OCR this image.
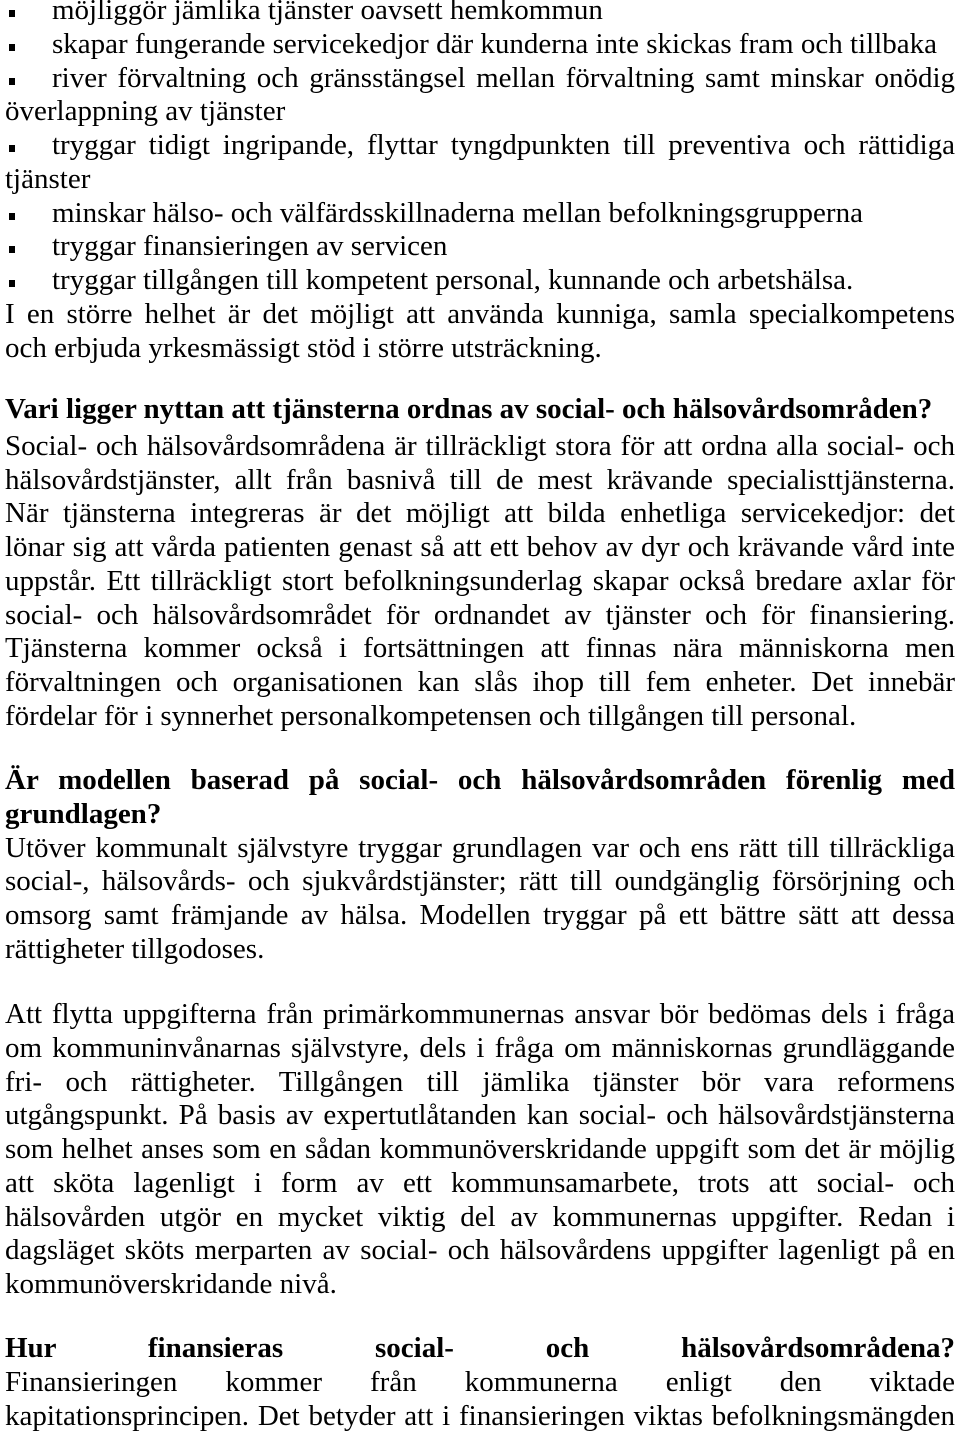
möjliggör jämlika tjänster oavsett hemkommun
skapar fungerande servicekedjor där kunderna inte skickas fram och tillbaka
river förvaltning och gränsstängsel mellan förvaltning samt minskar onödig
överlappning av tjänster
tryggar tidigt ingripande, flyttar tyngdpunkten till preventiva och rättidiga
tjänster
minskar hälso- och välfärdsskillnaderna mellan befolkningsgrupperna
tryggar finansieringen av servicen
tryggar tillgången till kompetent personal, kunnande och arbetshälsa.
I en större helhet är det möjligt att använda kunniga, samla specialkompetens
och erbjuda yrkesmässigt stöd i större utsträckning.
Vari ligger nyttan att tjänsterna ordnas av social- och hälsovårdsområden?
Social- och hälsovårdsområdena är tillräckligt stora för att ordna alla social- och
hälsovårdstjänster, allt från basnivå till de mest krävande specialisttjänsterna.
När tjänsterna integreras är det möjligt att bilda enhetliga servicekedjor: det
lönar sig att vårda patienten genast så att ett behov av dyr och krävande vård inte
uppstår. Ett tillräckligt stort befolkningsunderlag skapar också bredare axlar för
social- och hälsovårdsområdet för ordnandet av tjänster och för finansiering.
Tjänsterna kommer också i fortsättningen att finnas nära människorna men
förvaltningen och organisationen kan slås ihop till fem enheter. Det innebär
fördelar för i synnerhet personalkompetensen och tillgången till personal.
Är modellen baserad på social- och hälsovårdsområden förenlig med
grundlagen?
Utöver kommunalt självstyre tryggar grundlagen var och ens rätt till tillräckliga
social-, hälsovårds- och sjukvårdstjänster; rätt till oundgänglig försörjning och
omsorg samt främjande av hälsa. Modellen tryggar på ett bättre sätt att dessa
rättigheter tillgodoses.
Att flytta uppgifterna från primärkommunernas ansvar bör bedömas dels i fråga
om kommuninvånarnas självstyre, dels i fråga om människornas grundläggande
fri- och rättigheter. Tillgången till jämlika tjänster bör vara reformens
utgångspunkt. På basis av expertutlåtanden kan social- och hälsovårdstjänsterna
som helhet anses som en sådan kommunöverskridande uppgift som det är möjlig
att sköta lagenligt i form av ett kommunsamarbete, trots att social- och
hälsovården utgör en mycket viktig del av kommunernas uppgifter. Redan i
dagsläget sköts merparten av social- och hälsovårdens uppgifter lagenligt på en
kommunöverskridande nivå.
Hur finansieras social- och hälsovårdsområdena?
Finansieringen kommer från kommunerna enligt den viktade
kapitationsprincipen. Det betyder att i finansieringen viktas befolkningsmängden
